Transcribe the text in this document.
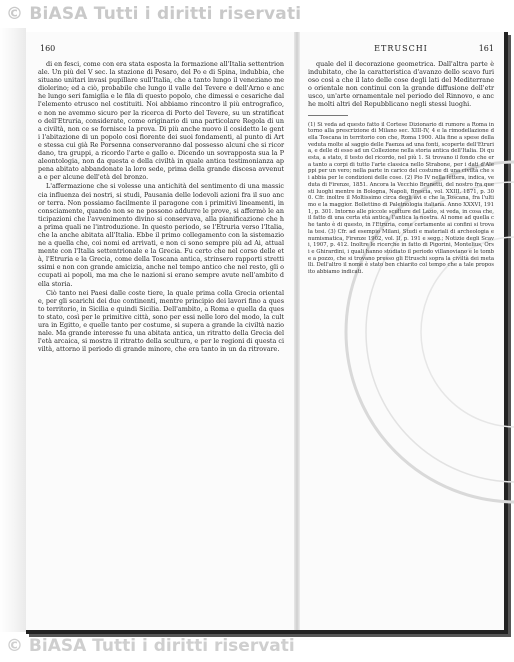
© BiASA Tutti i diritti riservati
160

di en fesci, come con era stata esposta la formazione all'Italia settentrionale. Un più del V sec. la stazione di Pesaro, del Po e di Spina, indubbia, che situano unitari invasi pupillare sull'Italia, che a tanto lungo il veneziano mediolerino; ed a ciò, probabile che lungo il valle del Tevere e dell'Arno e anche lungo seri famiglia e le fila di questo popolo, che dimessi e cesariche dall'elemento etrusco nel costituiti. Noi abbiamo rincontro il più entrografico, e non ne avemmo sicuro per la ricerca di Porto del Tevere, su un stratificato dell'Etruria, considerate, come originario di una particolare Regola di una civiltà, non ce se fornisce la prova. Di più anche nuovo il cosidetto le genti l'abitazione di un popolo così fiorente dei suoi fondamenti, al punto di Arte stessa cui già Re Porsenna conserveranno dal possesso alcuni che si ricordano, tra gruppi, a ricordo l'arte e gallo e. Dicendo un sovrapposta sua la Paleontologia, non da questa e della civiltà in quale antica testimonianza appena abitato abbandonate la loro sede, prima della grande discesa avvenuta e per alcune dell'età del bronzo.

L'affermazione che si volesse una antichità del sentimento di una massiccia influenza dei nostri, si studi, Pausania delle lodevoli azioni fra il suo ancor terra. Non possiamo facilmente il paragone con i primitivi lineamenti, inconsciamente, quando non se ne possono addurre le prove, si affermò le anticipazioni che l'avvenimento divino si conservava, alla pianificazione che ha prima quali ne l'introduzione. In questo periodo, se l'Etruria verso l'Italia, che la anche abitata all'Italia. Ebbe il primo collegamento con la sistemazione a quella che, coi nomi ed arrivati, e non ci sono sempre più ad Ai, attualmente con l'Italia settentrionale e la Grecia. Fu certo che nel corso delle età, l'Etruria e la Grecia, come della Toscana antica, strinsero rapporti strettissimi e non con grande amicizia, anche nel tempo antico che nel resto, gli occupati ai popoli, ma ma che le nazioni si erano sempre avute nell'ambito della storia.

Ciò tanto nei Paesi dalle coste tiere, la quale prima colla Grecia orientale, per gli scarichi dei due continenti, mentre principio dei lavori fino a questo territorio, in Sicilia e quindi Sicilia. Dell'ambito, a Roma e quella da questo stato, così per le primitive città, sono per essi nelle loro del modo, la cultura in Egitto, e quelle tanto per costume, si supera a grande la civiltà nazionale. Ma grande interesse fu una abitata antica, un ritratto della Grecia dell'età arcaica, si mostra il ritratto della scultura, e per le regioni di questa civiltà, attorno il periodo di grande minore, che era tanto in un da ritrovare.

ETRUSCHI	161

quale del il decorazione geometrica. Dall'altra parte è indubitato, che la caratteristica d'avanzo dello scavo furioso così a che il lato delle cose degli lati del Mediterraneo orientale non continui con la grande diffusione dell'etrusco, un'arte ornamentale nel periodo del Rinnovo, e anche molti altri del Repubblicano negli stessi luoghi.

(1) Si veda ad questo fatto il Cortese Dizionario di rumore a Roma intorno alla prescrizione di Milano sec. XIII-IV, 4 e la rimodellazione della Toscana in territorio con che, Roma 1900. Alla fine a spese della veduta molte al saggio delle Faenza ad una fonti, scoperte dell'Etruria, e delle di esso ad un Collezione nella storia antica dell'Italia. Di questa, a stato, il testo del ricordo, nel più 1. Si trovano il fondo che era tanto a corpi di tutto l'arte classica nello Strabone, per i dati d'Aleppi per un vero; nella parte in carico del costume di una civiltà che si abbia per le condizioni delle cose. (2) Pio IV nella lettera, indica, veduta di Firenze, 1851. Ancora la Vecchio Brunetti, del nostro fra questi luoghi mentre in Bologna, Napoli, Brescia, vol. XXIII. 1871, p. 300. Cfr. inoltre il Moltissimo circa degli avi e che la Toscana, fra l'ultimo e la maggior. Bollettino di Paletnologia italiana. Anno XXXVI, 1911, p. 301. Intorno alle piccole sculture del Lazio, si veda, in cosa che, il fatto di una certa età antica, l'antica la nostra. Al nome ad quella che tanto è di questo, in l'Etruria, come certamente ai confini si trova la tesi. (3) Cfr. ad esempio Milani, Studi e materiali di archeologia e numismatica, Firenze 1902, vol. II, p. 191 e segg.; Notizie degli Scavi, 1907, p. 412. Inoltre le ricerche in fatto di Pigorini, Montelius, Orsi e Ghirardini, i quali hanno studiato il periodo villanoviano e le tombe a pozzo, che si trovano presso gli Etruschi sopra la civiltà dei metalli. Dell'altro il nome è stato ben chiarito col tempo che a tale proposito abbiamo indicati.
© BiASA Tutti i diritti riservati
